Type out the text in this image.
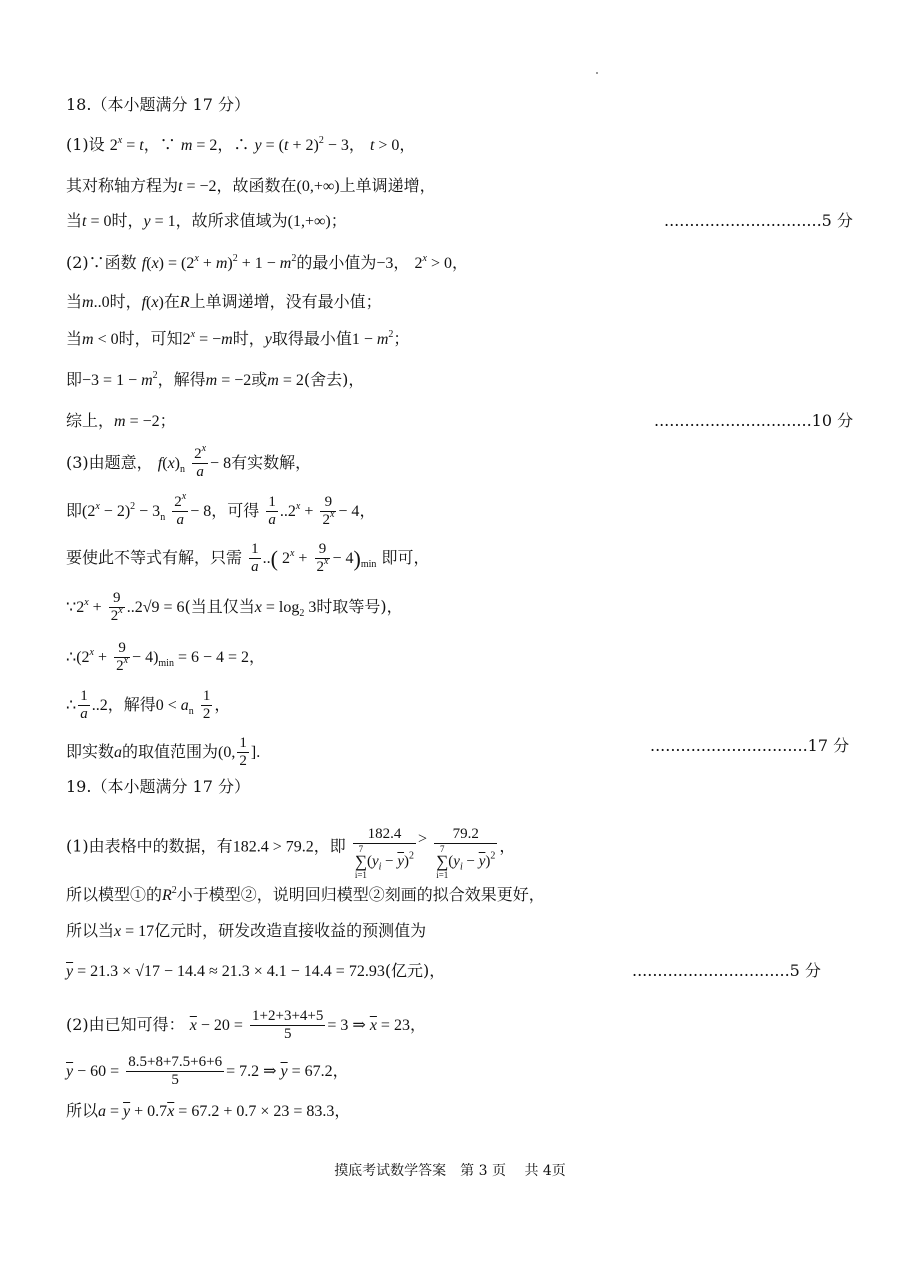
18.（本小题满分 17 分）
(1)设 $2^x = t$，∵ m = 2，∴ $y = (t + 2)^2 - 3$， t > 0，
其对称轴方程为t = −2，故函数在(0,+∞)上单调递增，
当t = 0时，y = 1，故所求值域为(1,+∞)；	...............................5 分
(2)∵函数 $f(x) = (2^x + m)^2 + 1 - m^2$的最小值为−3， $2^x > 0$，
当m..0时，f(x)在R上单调递增，没有最小值；
当m < 0时，可知$2^x = -m$时，y取得最小值$1 - m^2$；
即$-3 = 1 - m^2$，解得m = −2或m = 2(舍去)，
综上，m = −2；	...............................10 分
(3)由题意， $f(x)_n \frac{2^x}{a} - 8$有实数解，
即$(2^x - 2)^2 - 3_n \frac{2^x}{a} - 8$，可得 $\frac{1}{a} ..2^x + \frac{9}{2^x} - 4$，
要使此不等式有解，只需 $\frac{1}{a}$ ..( $2^x + \frac{9}{2^x} - 4)_{min}$ 即可，
$\because 2^x + \frac{9}{2^x} ..2√9 = 6$(当且仅当$x = \log_2 3$时取等号)，
$\therefore(2^x + \frac{9}{2^x} - 4)_{min} = 6 - 4 = 2$，
∴ $\frac{1}{a} ..2$，解得$0 < a_n \frac{1}{2}$ ，
即实数a的取值范围为(0, $\frac{1}{2}$ ].	...............................17 分
19.（本小题满分 17 分）
(1)由表格中的数据，有182.4 > 79.2，即 182.4
7
∑
$i=1(y_i - \overline{y})^2 > 79.2$
7
∑
$i=1(y_i - \overline{y})^2$ ，
所以模型①的$R^2$小于模型②，说明回归模型②刻画的拟合效果更好，
所以当x = 17亿元时，研发改造直接收益的预测值为
$\overline{y} = 21.3 \times √17 - 14.4 \approx 21.3 \times 4.1 - 14.4 = 72.93$(亿元)，	...............................5 分
(2)由已知可得： $\overline{x} - 20 = \frac{1+2+3+4+5}{5} = 3$ ⇒ $\overline{x} = 23$，
$\overline{y} - 60 = \frac{8.5+8+7.5+6+6}{5} = 7.2$ ⇒ $\overline{y} = 67.2$，
所以$a = \overline{y} + 0.7\overline{x} = 67.2 + 0.7 \times 23 = 83.3$，
摸底考试数学答案　第 3 页　 共 4页
